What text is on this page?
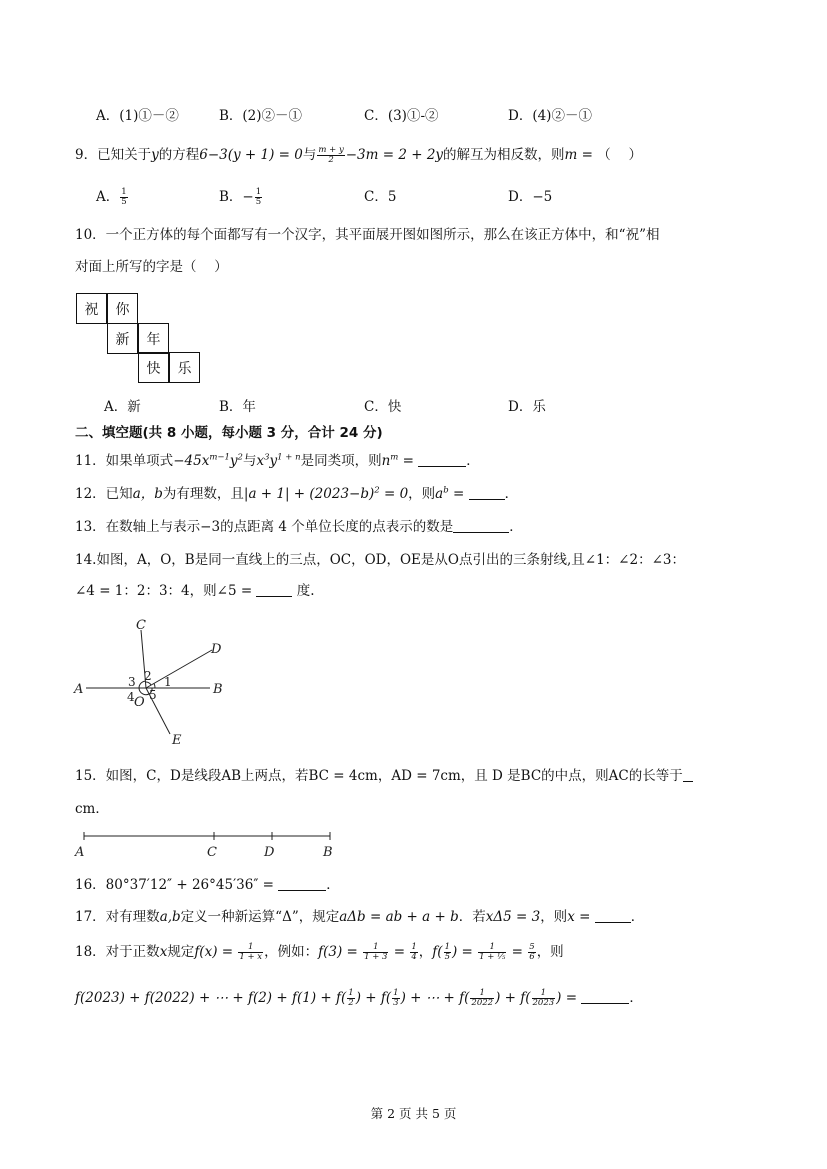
A．(1)①－②	B．(2)②－①	C．(3)①-②	D．(4)②－①
9．已知关于y的方程6−3(y + 1) = 0与 $\frac{m + y}{2} -3m = 2 + 2y$的解互为相反数，则m = （　 ）
A． $\frac{1}{5}$	B．− $\frac{1}{5}$	C．5	D．−5
10．一个正方体的每个面都写有一个汉字，其平面展开图如图所示，那么在该正方体中，和“祝”相
对面上所写的字是（　 ）
祝	你
新	年
快	乐
A．新	B．年	C．快	D．乐
二、填空题(共 8 小题，每小题 3 分，合计 24 分)
11．如果单项式$-45x^{m-1}y^2$与$x^3y^{1 + n}$是同类项，则$n^m$ =	．
12．已知a，b为有理数，且$|a + 1| + (2023-b)^2 = 0$，则$a^b$ =	．
13．在数轴上与表示−3的点距离 4 个单位长度的点表示的数是	．
14.如图，A，O，B是同一直线上的三点，OC，OD，OE是从O点引出的三条射线,且∠1：∠2：∠3：
∠4 = 1：2：3：4，则∠5 =	度.
C
D
A	B
O
E
1
2
3
4 5
15．如图，C，D是线段AB上两点，若BC = 4cm，AD = 7cm，且 D 是BC的中点，则AC的长等于
cm．
A	C	D	B
16．80°37′12″ + 26°45′36″ =	．
17．对有理数a,b定义一种新运算“Δ”，规定aΔb = ab + a + b．若xΔ5 = 3，则x =	．
18．对于正数x规定$f(x) = \frac{1}{1 + x}$ ，例如：$f(3) = \frac{1}{1 + 3} = \frac{1}{4}$ ，$f( \frac{1}{5}$ ) = $\frac{1}{\text{1 + ⅕}} = \frac{5}{6}$ ，则
f(2023) + f(2022) + ⋯ + $f(2) + f(1) + f( \frac{1}{2}$ ) + $f( \frac{1}{3}$ ) + ⋯ + $f( \frac{1}{2022}$ ) + $f( \frac{1}{2023}$ ) =	．
第 2 页 共 5 页
